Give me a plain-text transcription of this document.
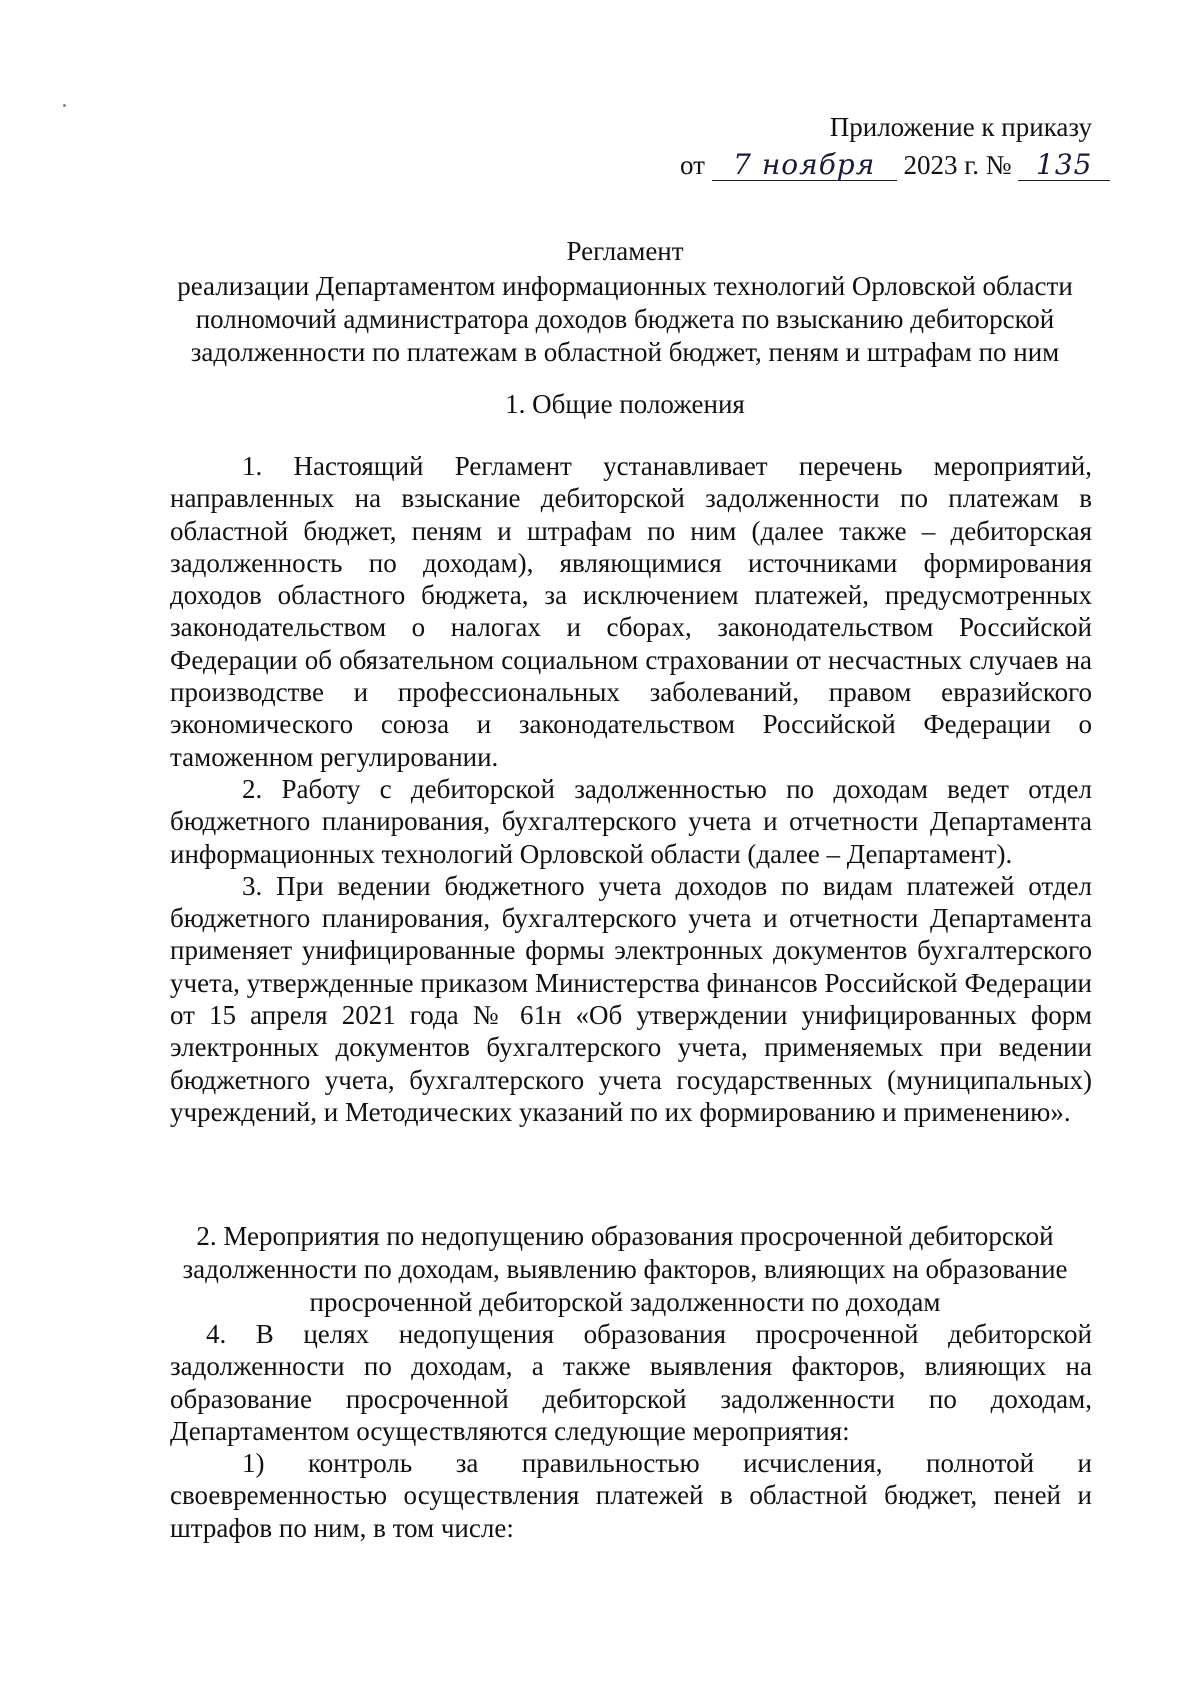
Приложение к приказу
от 7 ноября 2023 г. № 135
Регламент
реализации Департаментом информационных технологий Орловской области полномочий администратора доходов бюджета по взысканию дебиторской задолженности по платежам в областной бюджет, пеням и штрафам по ним
1. Общие положения

1. Настоящий Регламент устанавливает перечень мероприятий, направленных на взыскание дебиторской задолженности по платежам в областной бюджет, пеням и штрафам по ним (далее также – дебиторская задолженность по доходам), являющимися источниками формирования доходов областного бюджета, за исключением платежей, предусмотренных законодательством о налогах и сборах, законодательством Российской Федерации об обязательном социальном страховании от несчастных случаев на производстве и профессиональных заболеваний, правом евразийского экономического союза и законодательством Российской Федерации о таможенном регулировании.

2. Работу с дебиторской задолженностью по доходам ведет отдел бюджетного планирования, бухгалтерского учета и отчетности Департамента информационных технологий Орловской области (далее – Департамент).

3. При ведении бюджетного учета доходов по видам платежей отдел бюджетного планирования, бухгалтерского учета и отчетности Департамента применяет унифицированные формы электронных документов бухгалтерского учета, утвержденные приказом Министерства финансов Российской Федерации от 15 апреля 2021 года № 61н «Об утверждении унифицированных форм электронных документов бухгалтерского учета, применяемых при ведении бюджетного учета, бухгалтерского учета государственных (муниципальных) учреждений, и Методических указаний по их формированию и применению».

2. Мероприятия по недопущению образования просроченной дебиторской задолженности по доходам, выявлению факторов, влияющих на образование просроченной дебиторской задолженности по доходам

4. В целях недопущения образования просроченной дебиторской задолженности по доходам, а также выявления факторов, влияющих на образование просроченной дебиторской задолженности по доходам, Департаментом осуществляются следующие мероприятия:

1) контроль за правильностью исчисления, полнотой и своевременностью осуществления платежей в областной бюджет, пеней и штрафов по ним, в том числе:
